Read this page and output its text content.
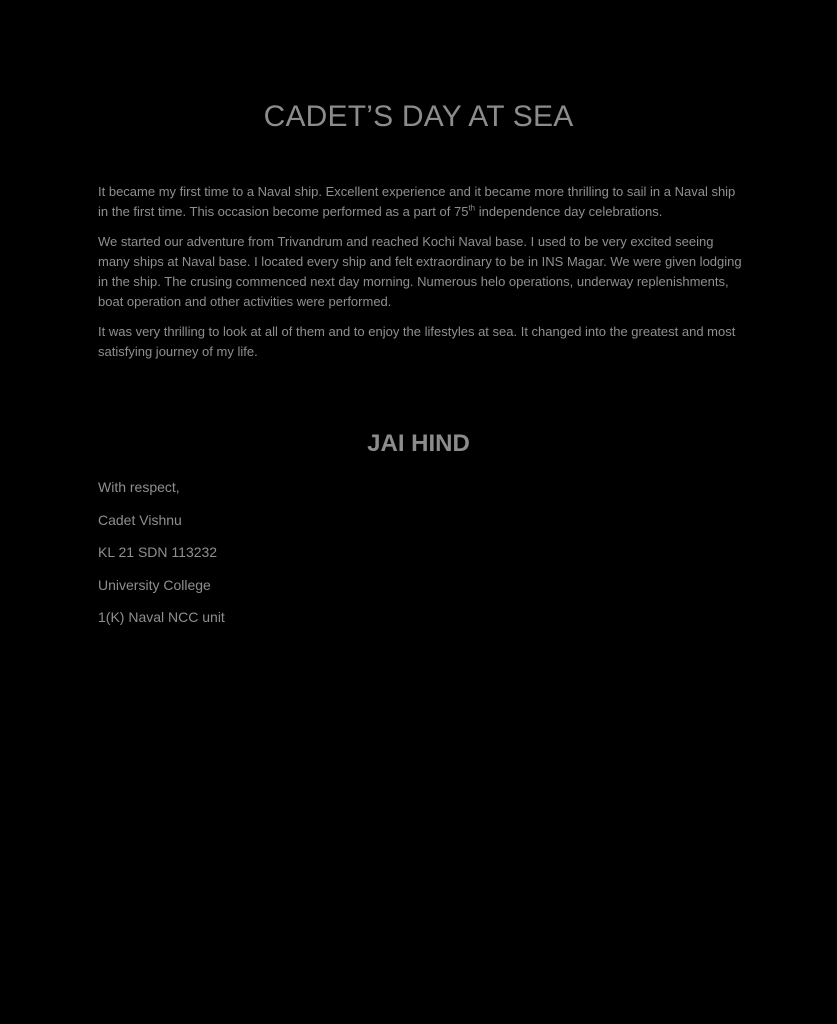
CADET’S DAY AT SEA

It became my first time to a Naval ship. Excellent experience and it became more thrilling to sail in a Naval ship in the first time. This occasion become performed as a part of 75th independence day celebrations.

We started our adventure from Trivandrum and reached Kochi Naval base. I used to be very excited seeing many ships at Naval base. I located every ship and felt extraordinary to be in INS Magar. We were given lodging in the ship. The crusing commenced next day morning. Numerous helo operations, underway replenishments, boat operation and other activities were performed.

It was very thrilling to look at all of them and to enjoy the lifestyles at sea. It changed into the greatest and most satisfying journey of my life.

JAI HIND
With respect,
Cadet Vishnu
KL 21 SDN 113232
University College
1(K) Naval NCC unit
